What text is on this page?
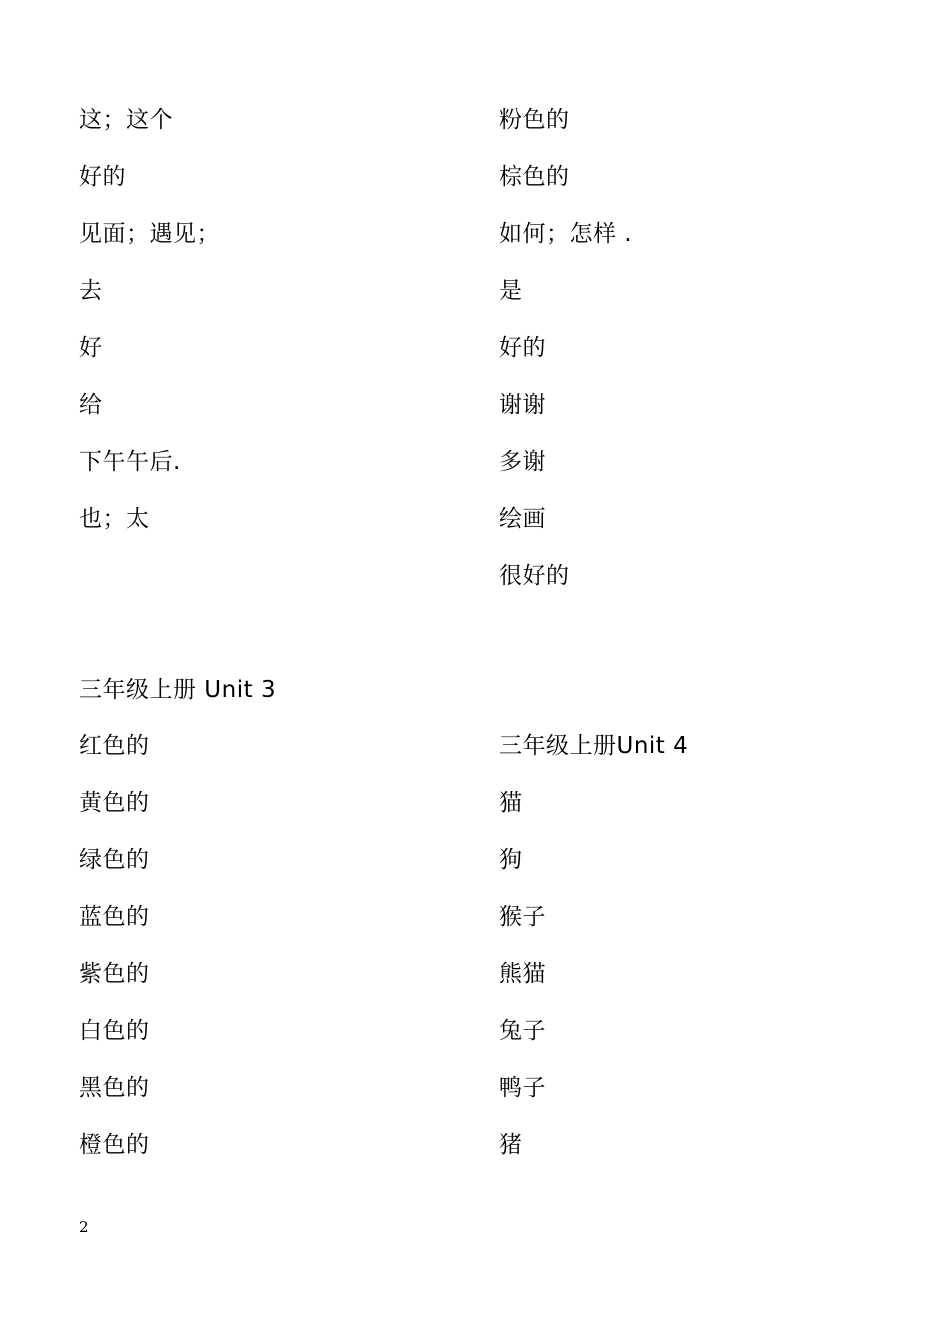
这；这个
好的
见面；遇见；
去
好
给
下午午后.
也；太
三年级上册 Unit 3
红色的
黄色的
绿色的
蓝色的
紫色的
白色的
黑色的
橙色的
粉色的
棕色的
如何；怎样 .
是
好的
谢谢
多谢
绘画
很好的
三年级上册Unit 4
猫
狗
猴子
熊猫
兔子
鸭子
猪
2
